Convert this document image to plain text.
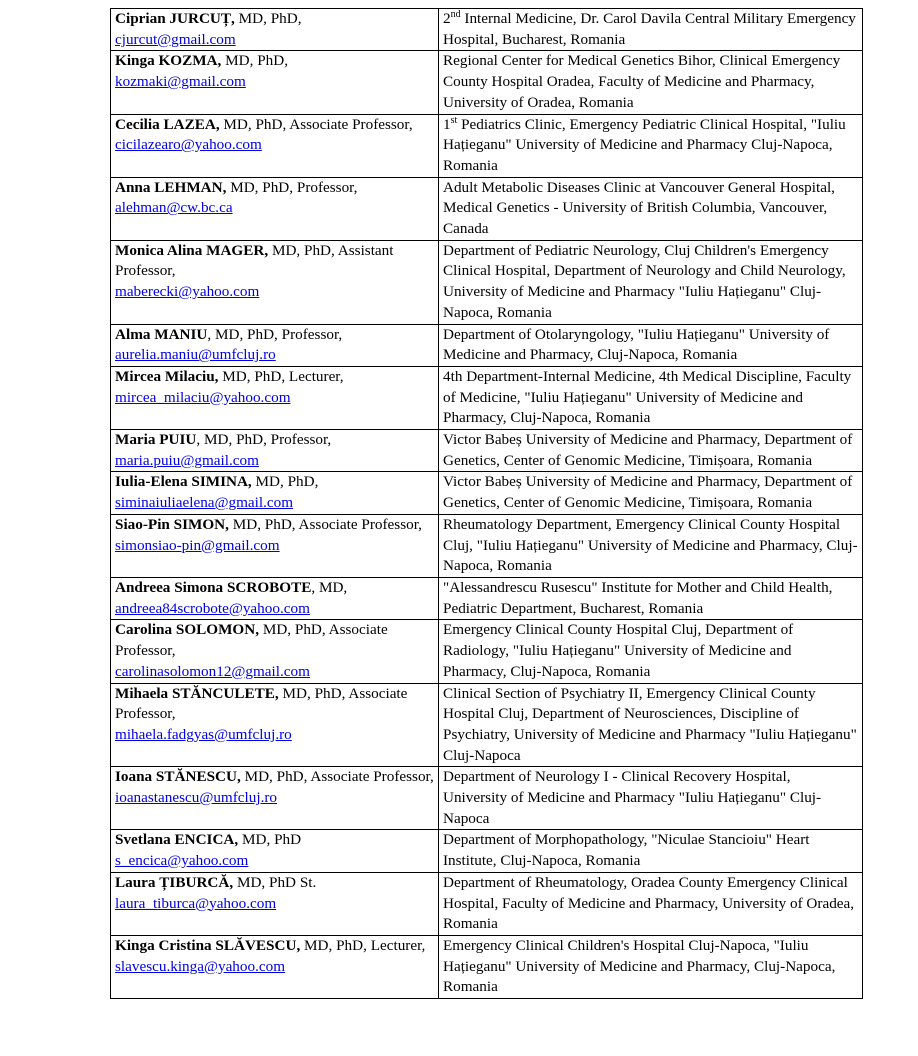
Ciprian JURCUȚ, MD, PhD,
cjurcut@gmail.com	2nd Internal Medicine, Dr. Carol Davila Central Military Emergency Hospital, Bucharest, Romania
Kinga KOZMA, MD, PhD,
kozmaki@gmail.com	Regional Center for Medical Genetics Bihor, Clinical Emergency County Hospital Oradea, Faculty of Medicine and Pharmacy, University of Oradea, Romania
Cecilia LAZEA, MD, PhD, Associate Professor,
cicilazearo@yahoo.com	1st Pediatrics Clinic, Emergency Pediatric Clinical Hospital, "Iuliu Hațieganu" University of Medicine and Pharmacy Cluj-Napoca, Romania
Anna LEHMAN, MD, PhD, Professor,
alehman@cw.bc.ca	Adult Metabolic Diseases Clinic at Vancouver General Hospital, Medical Genetics - University of British Columbia, Vancouver, Canada
Monica Alina MAGER, MD, PhD, Assistant Professor,
maberecki@yahoo.com	Department of Pediatric Neurology, Cluj Children's Emergency Clinical Hospital, Department of Neurology and Child Neurology, University of Medicine and Pharmacy "Iuliu Hațieganu" Cluj-Napoca, Romania
Alma MANIU, MD, PhD, Professor,
aurelia.maniu@umfcluj.ro	Department of Otolaryngology, "Iuliu Hațieganu" University of Medicine and Pharmacy, Cluj-Napoca, Romania
Mircea Milaciu, MD, PhD, Lecturer,
mircea_milaciu@yahoo.com	4th Department-Internal Medicine, 4th Medical Discipline, Faculty of Medicine, "Iuliu Hațieganu" University of Medicine and Pharmacy, Cluj-Napoca, Romania
Maria PUIU, MD, PhD, Professor,
maria.puiu@gmail.com	Victor Babeș University of Medicine and Pharmacy, Department of Genetics, Center of Genomic Medicine, Timișoara, Romania
Iulia-Elena SIMINA, MD, PhD,
siminaiuliaelena@gmail.com	Victor Babeș University of Medicine and Pharmacy, Department of Genetics, Center of Genomic Medicine, Timișoara, Romania
Siao-Pin SIMON, MD, PhD, Associate Professor,
simonsiao-pin@gmail.com	Rheumatology Department, Emergency Clinical County Hospital Cluj, "Iuliu Hațieganu" University of Medicine and Pharmacy, Cluj-Napoca, Romania
Andreea Simona SCROBOTE, MD,
andreea84scrobote@yahoo.com	"Alessandrescu Rusescu" Institute for Mother and Child Health, Pediatric Department, Bucharest, Romania
Carolina SOLOMON, MD, PhD, Associate Professor,
carolinasolomon12@gmail.com	Emergency Clinical County Hospital Cluj, Department of Radiology, "Iuliu Hațieganu" University of Medicine and Pharmacy, Cluj-Napoca, Romania
Mihaela STĂNCULETE, MD, PhD, Associate Professor,
mihaela.fadgyas@umfcluj.ro	Clinical Section of Psychiatry II, Emergency Clinical County Hospital Cluj, Department of Neurosciences, Discipline of Psychiatry, University of Medicine and Pharmacy "Iuliu Hațieganu" Cluj-Napoca
Ioana STĂNESCU, MD, PhD, Associate Professor,
ioanastanescu@umfcluj.ro	Department of Neurology I - Clinical Recovery Hospital, University of Medicine and Pharmacy "Iuliu Hațieganu" Cluj-Napoca
Svetlana ENCICA, MD, PhD
s_encica@yahoo.com	Department of Morphopathology, "Niculae Stancioiu" Heart Institute, Cluj-Napoca, Romania
Laura ȚIBURCĂ, MD, PhD St.
laura_tiburca@yahoo.com	Department of Rheumatology, Oradea County Emergency Clinical Hospital, Faculty of Medicine and Pharmacy, University of Oradea, Romania
Kinga Cristina SLĂVESCU, MD, PhD, Lecturer, slavescu.kinga@yahoo.com	Emergency Clinical Children's Hospital Cluj-Napoca, "Iuliu Hațieganu" University of Medicine and Pharmacy, Cluj-Napoca, Romania
